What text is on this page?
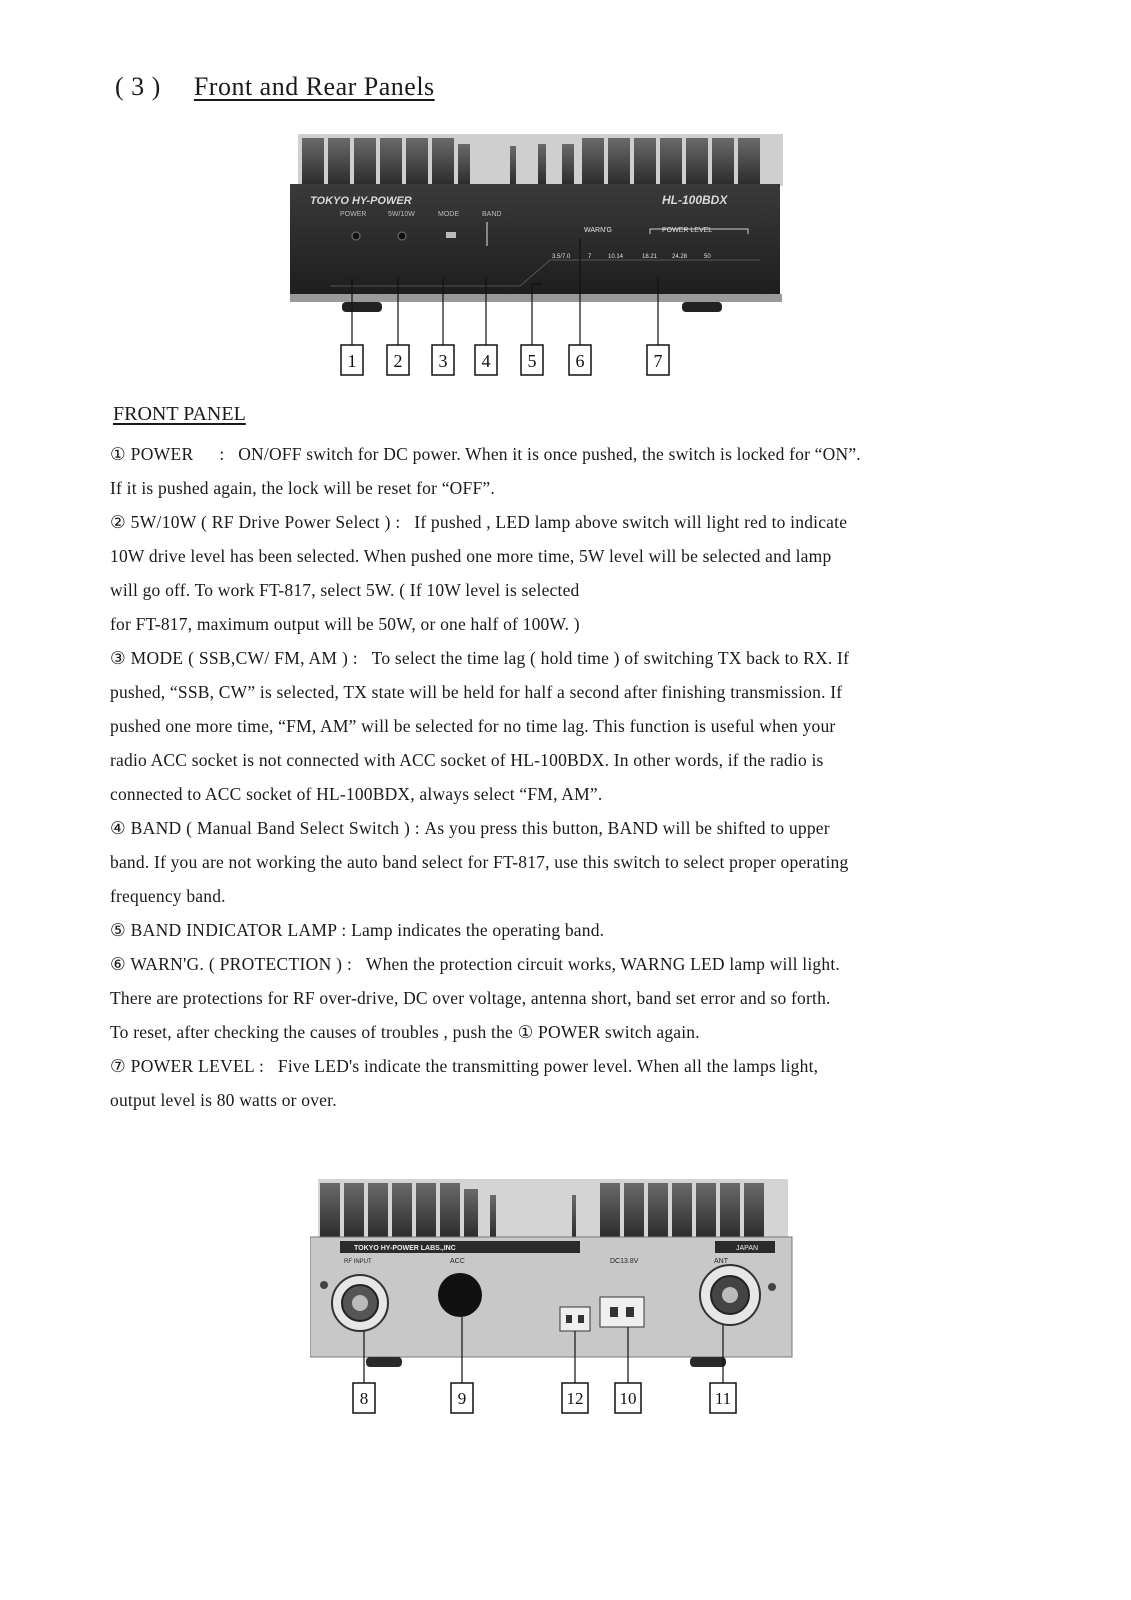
( 3 ) Front and Rear Panels
TOKYO HY-POWER	HL-100BDX
POWER	5W/10W	MODE	BAND
WARN'G	POWER LEVEL
3.5/7.0	7	10.14	18.21 24.28	50
1 2 3 4 5 6	7
FRONT PANEL

① POWER : ON/OFF switch for DC power. When it is once pushed, the switch is locked for “ON”.

If it is pushed again, the lock will be reset for “OFF”.

② 5W/10W ( RF Drive Power Select ) : If pushed , LED lamp above switch will light red to indicate

10W drive level has been selected. When pushed one more time, 5W level will be selected and lamp

will go off. To work FT-817, select 5W. ( If 10W level is selected

for FT-817, maximum output will be 50W, or one half of 100W. )

③ MODE ( SSB,CW/ FM, AM ) : To select the time lag ( hold time ) of switching TX back to RX. If

pushed, “SSB, CW” is selected, TX state will be held for half a second after finishing transmission. If

pushed one more time, “FM, AM” will be selected for no time lag. This function is useful when your

radio ACC socket is not connected with ACC socket of HL-100BDX. In other words, if the radio is

connected to ACC socket of HL-100BDX, always select “FM, AM”.

④ BAND ( Manual Band Select Switch ) : As you press this button, BAND will be shifted to upper

band. If you are not working the auto band select for FT-817, use this switch to select proper operating

frequency band.

⑤ BAND INDICATOR LAMP : Lamp indicates the operating band.

⑥ WARN'G. ( PROTECTION ) : When the protection circuit works, WARNG LED lamp will light.

There are protections for RF over-drive, DC over voltage, antenna short, band set error and so forth.

To reset, after checking the causes of troubles , push the ① POWER switch again.

⑦ POWER LEVEL : Five LED's indicate the transmitting power level. When all the lamps light,

output level is 80 watts or over.

TOKYO HY-POWER LABS.,INC
ACC	DC13.8V
JAPAN
RF INPUT	ANT
8	9	12 10	11
